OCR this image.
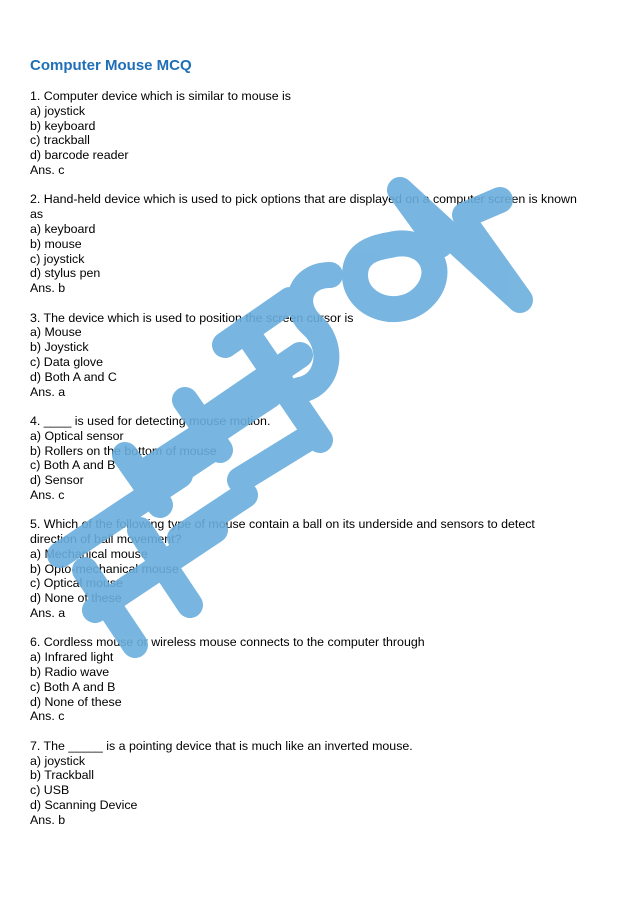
Computer Mouse MCQ
1. Computer device which is similar to mouse is
a) joystick
b) keyboard
c) trackball
d) barcode reader
Ans. c
2. Hand-held device which is used to pick options that are displayed on a computer screen is known
as
a) keyboard
b) mouse
c) joystick
d) stylus pen
Ans. b
3. The device which is used to position the screen cursor is
a) Mouse
b) Joystick
c) Data glove
d) Both A and C
Ans. a
4. ____ is used for detecting mouse motion.
a) Optical sensor
b) Rollers on the bottom of mouse
c) Both A and B
d) Sensor
Ans. c
5. Which of the following type of mouse contain a ball on its underside and sensors to detect
direction of ball movement?
a) Mechanical mouse
b) Opto-mechanical mouse
c) Optical mouse
d) None of these
Ans. a
6. Cordless mouse or wireless mouse connects to the computer through
a) Infrared light
b) Radio wave
c) Both A and B
d) None of these
Ans. c
7. The _____ is a pointing device that is much like an inverted mouse.
a) joystick
b) Trackball
c) USB
d) Scanning Device
Ans. b
